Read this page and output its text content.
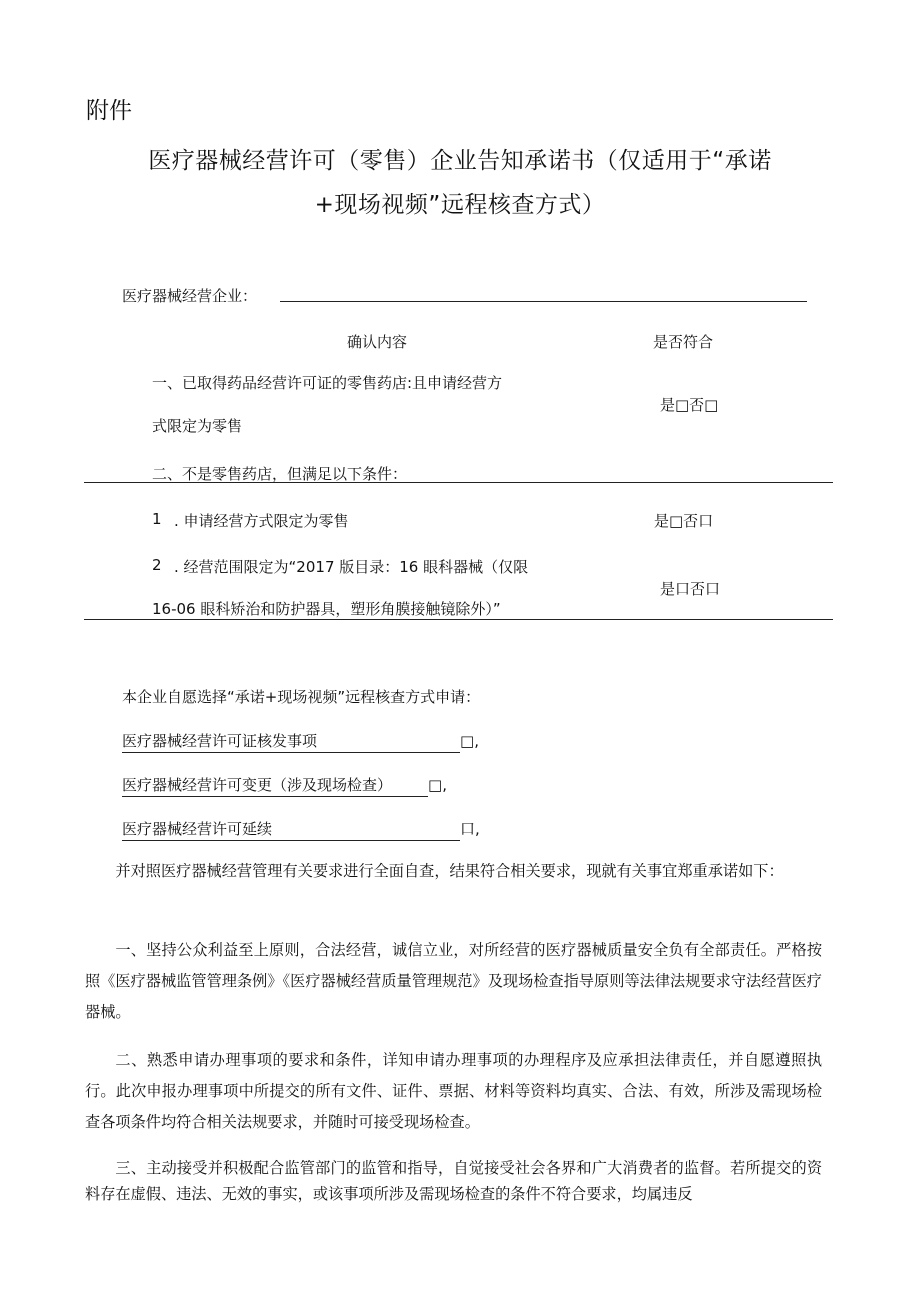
附件
医疗器械经营许可（零售）企业告知承诺书（仅适用于“承诺
+现场视频”远程核查方式）
医疗器械经营企业：
确认内容	是否符合
一、已取得药品经营许可证的零售药店:且申请经营方
式限定为零售
是□否□
二、不是零售药店，但满足以下条件：
1 . 申请经营方式限定为零售	是□否口
2 . 经营范围限定为“2017 版目录：16 眼科器械（仅限
16-06 眼科矫治和防护器具，塑形角膜接触镜除外）”
是口否口
本企业自愿选择“承诺+现场视频”远程核查方式申请：
医疗器械经营许可证核发事项	□,
医疗器械经营许可变更（涉及现场检查） □,
医疗器械经营许可延续	口,
并对照医疗器械经营管理有关要求进行全面自查，结果符合相关要求，现就有关事宜郑重承诺如下：
一、坚持公众利益至上原则，合法经营，诚信立业，对所经营的医疗器械质量安全负有全部责任。严格按照《医疗器械监管管理条例》《医疗器械经营质量管理规范》及现场检查指导原则等法律法规要求守法经营医疗器械。
二、熟悉申请办理事项的要求和条件，详知申请办理事项的办理程序及应承担法律责任，并自愿遵照执行。此次申报办理事项中所提交的所有文件、证件、票据、材料等资料均真实、合法、有效，所涉及需现场检查各项条件均符合相关法规要求，并随时可接受现场检查。
三、主动接受并积极配合监管部门的监管和指导，自觉接受社会各界和广大消费者的监督。若所提交的资料存在虚假、违法、无效的事实，或该事项所涉及需现场检查的条件不符合要求，均属违反
